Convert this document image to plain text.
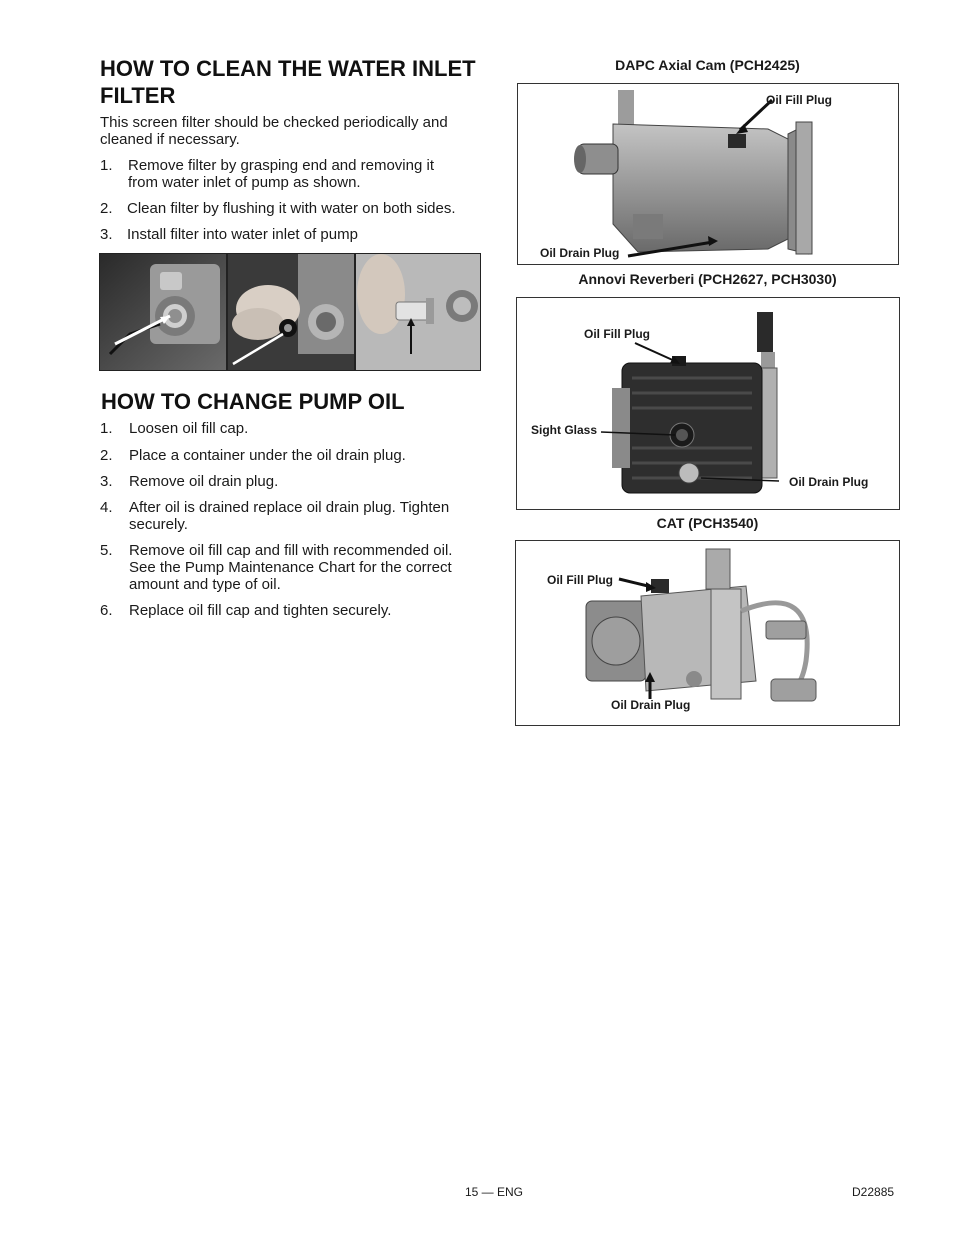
HOW TO CLEAN THE WATER INLET
FILTER
This screen filter should be checked periodically and
cleaned if necessary.
1. Remove filter by grasping end and removing it
from water inlet of pump as shown.
2. Clean filter by flushing it with water on both sides.
3. Install filter into water inlet of pump
HOW TO CHANGE PUMP OIL
1. Loosen oil fill cap.
2. Place a container under the oil drain plug.
3. Remove oil drain plug.
4. After oil is drained replace oil drain plug. Tighten
securely.
5. Remove oil fill cap and fill with recommended oil.
See the Pump Maintenance Chart for the correct
amount and type of oil.
6. Replace oil fill cap and tighten securely.
DAPC Axial Cam (PCH2425)
Oil Fill Plug
Oil Drain Plug
Annovi Reverberi (PCH2627, PCH3030)
Oil Fill Plug
Sight Glass
Oil Drain Plug
CAT (PCH3540)
Oil Fill Plug
Oil Drain Plug
15 — ENG	D22885
